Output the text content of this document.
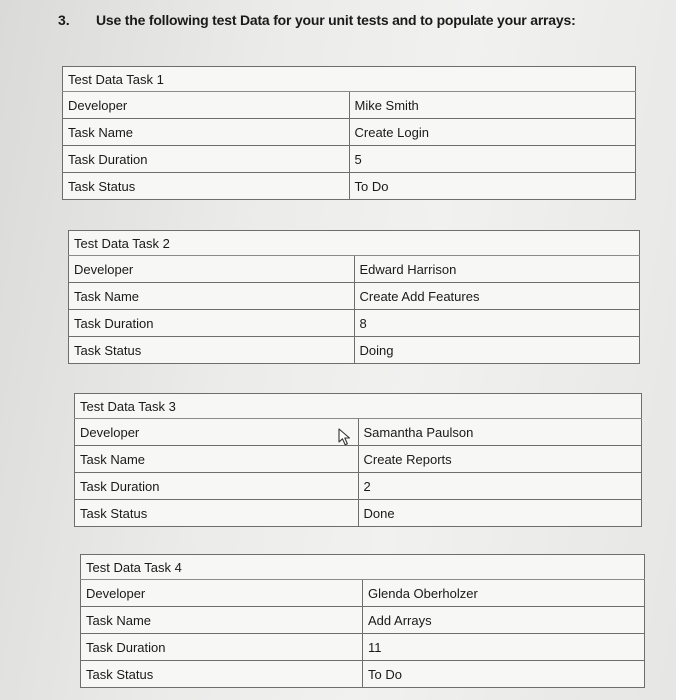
3. Use the following test Data for your unit tests and to populate your arrays:
Test Data Task 1	
Developer	Mike Smith
Task Name	Create Login
Task Duration	5
Task Status	To Do
Test Data Task 2	
Developer	Edward Harrison
Task Name	Create Add Features
Task Duration	8
Task Status	Doing
Test Data Task 3	
Developer	Samantha Paulson
Task Name	Create Reports
Task Duration	2
Task Status	Done
Test Data Task 4	
Developer	Glenda Oberholzer
Task Name	Add Arrays
Task Duration	11
Task Status	To Do
